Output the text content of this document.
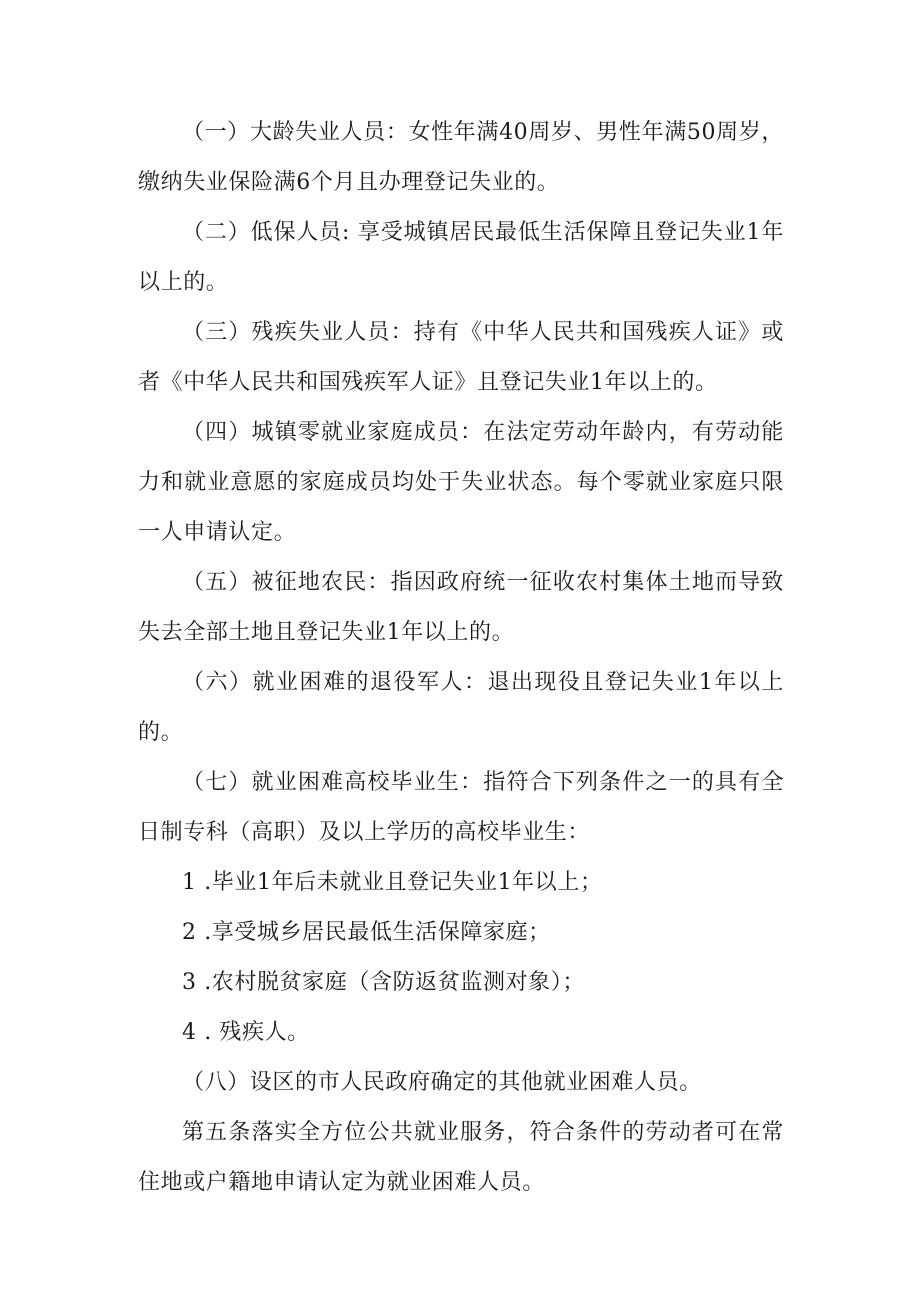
（一）大龄失业人员：女性年满40周岁、男性年满50周岁，缴纳失业保险满6个月且办理登记失业的。

（二）低保人员: 享受城镇居民最低生活保障且登记失业1年以上的。

（三）残疾失业人员：持有《中华人民共和国残疾人证》或者《中华人民共和国残疾军人证》且登记失业1年以上的。

（四）城镇零就业家庭成员：在法定劳动年龄内，有劳动能力和就业意愿的家庭成员均处于失业状态。每个零就业家庭只限一人申请认定。

（五）被征地农民：指因政府统一征收农村集体土地而导致失去全部土地且登记失业1年以上的。

（六）就业困难的退役军人：退出现役且登记失业1年以上的。

（七）就业困难高校毕业生：指符合下列条件之一的具有全日制专科（高职）及以上学历的高校毕业生：

1 .毕业1年后未就业且登记失业1年以上；

2 .享受城乡居民最低生活保障家庭；

3 .农村脱贫家庭（含防返贫监测对象）；

4 . 残疾人。

（八）设区的市人民政府确定的其他就业困难人员。

第五条落实全方位公共就业服务，符合条件的劳动者可在常住地或户籍地申请认定为就业困难人员。
